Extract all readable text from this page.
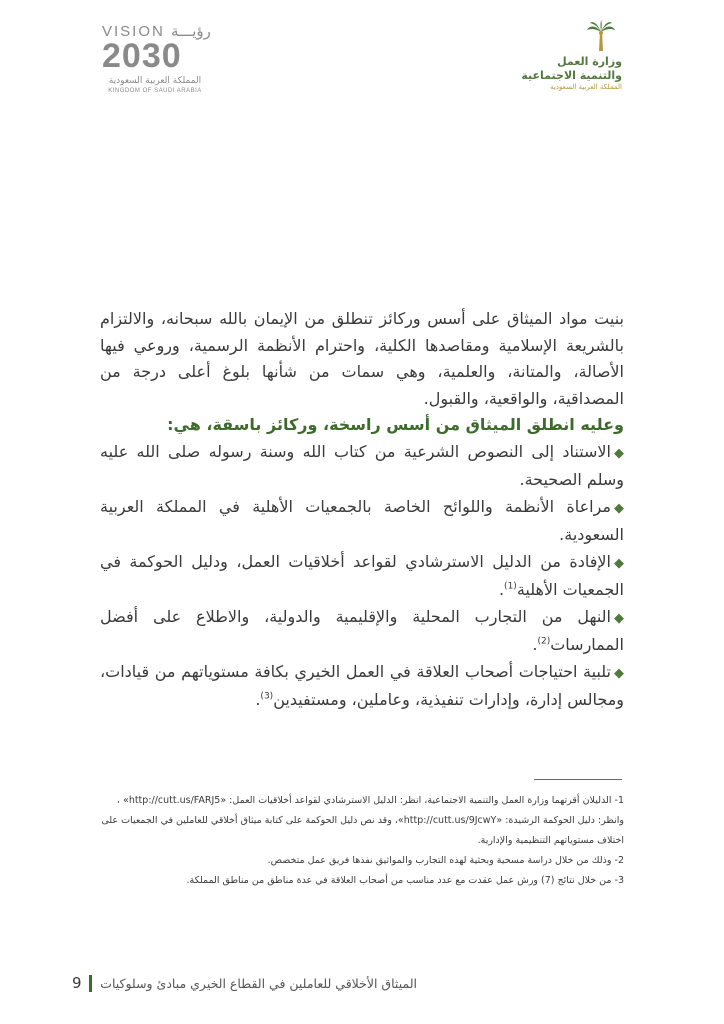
VISION رؤيـــة
2030
المملكة العربية السعودية
KINGDOM OF SAUDI ARABIA
وزارة العمل
والتنمية الاجتماعية
المملكة العربية السعودية

بنيت مواد الميثاق على أسس وركائز تنطلق من الإيمان بالله سبحانه، والالتزام بالشريعة الإسلامية ومقاصدها الكلية، واحترام الأنظمة الرسمية، وروعي فيها الأصالة، والمتانة، والعلمية، وهي سمات من شأنها بلوغ أعلى درجة من المصداقية، والواقعية، والقبول.

وعليه انطلق الميثاق من أسس راسخة، وركائز باسقة، هي:

◆الاستناد إلى النصوص الشرعية من كتاب الله وسنة رسوله صلى الله عليه وسلم الصحيحة.

◆مراعاة الأنظمة واللوائح الخاصة بالجمعيات الأهلية في المملكة العربية السعودية.

◆الإفادة من الدليل الاسترشادي لقواعد أخلاقيات العمل، ودليل الحوكمة في الجمعيات الأهلية$^{(1)}$.

◆النهل من التجارب المحلية والإقليمية والدولية، والاطلاع على أفضل الممارسات$^{(2)}$.

◆تلبية احتياجات أصحاب العلاقة في العمل الخيري بكافة مستوياتهم من قيادات، ومجالس إدارة، وإدارات تنفيذية، وعاملين، ومستفيدين$^{(3)}$.

1- الدليلان أقرتهما وزارة العمل والتنمية الاجتماعية، انظر: الدليل الاسترشادي لقواعد أخلاقيات العمل: «http://cutt.us/FARJ5» ، وانظر: دليل الحوكمة الرشيدة: «http://cutt.us/9JcwY»، وقد نص دليل الحوكمة على كتابة ميثاق أخلاقي للعاملين في الجمعيات على اختلاف مستوياتهم التنظيمية والإدارية.

2- وذلك من خلال دراسة مسحية وبحثية لهذه التجارب والمواثيق نفذها فريق عمل متخصص.

3- من خلال نتائج (7) ورش عمل عقدت مع عدد مناسب من أصحاب العلاقة في عدة مناطق من مناطق المملكة.

9 الميثاق الأخلاقي للعاملين في القطاع الخيري مبادئ وسلوكيات
